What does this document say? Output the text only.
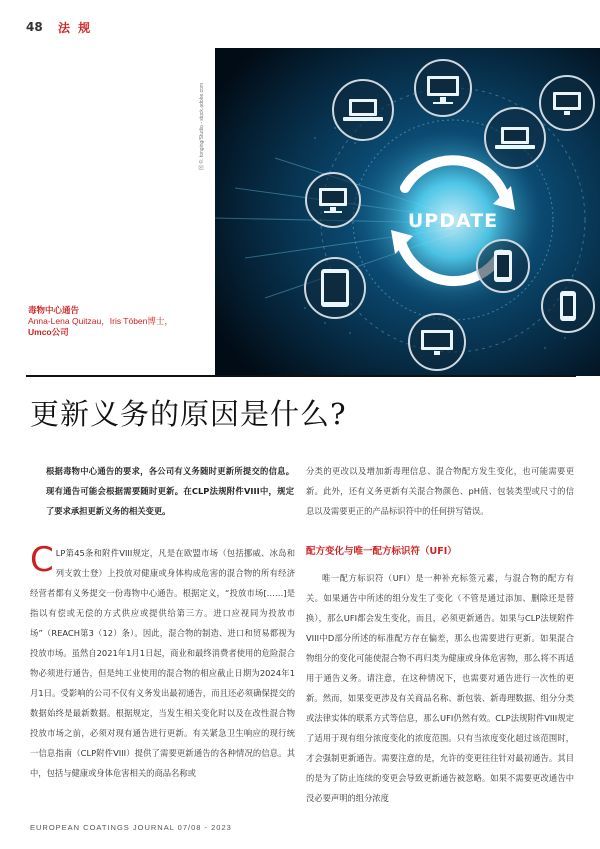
48 法 规
图 ©: tonging/Studio - stock.adobe.com
UPDATE
毒物中心通告
Anna-Lena Quitzau，Iris Töben博士，
Umco公司
更新义务的原因是什么?

根据毒物中心通告的要求，各公司有义务随时更新所提交的信息。现有通告可能会根据需要随时更新。在CLP法规附件VIII中，规定了要求承担更新义务的相关变更。

C LP第45条和附件VIII规定，凡是在欧盟市场（包括挪威、冰岛和列支敦士登）上投放对健康或身体构成危害的混合物的所有经济经营者都有义务提交一份毒物中心通告。根据定义，“投放市场[……]是指以有偿或无偿的方式供应或提供给第三方。进口应视同为投放市场”（REACH第3（12）条）。因此，混合物的制造、进口和贸易都视为投放市场。虽然自2021年1月1日起，商业和最终消费者使用的危险混合物必须进行通告，但是纯工业使用的混合物的相应截止日期为2024年1月1日。受影响的公司不仅有义务发出最初通告，而且还必须确保提交的数据始终是最新数据。根据规定，当发生相关变化时以及在改性混合物投放市场之前，必须对现有通告进行更新。有关紧急卫生响应的现行统一信息指南（CLP附件VIII）提供了需要更新通告的各种情况的信息。其中，包括与健康或身体危害相关的商品名称或

分类的更改以及增加新毒理信息、混合物配方发生变化，也可能需要更新。此外，还有义务更新有关混合物颜色、pH值、包装类型或尺寸的信息以及需要更正的产品标识符中的任何拼写错误。

配方变化与唯一配方标识符（UFI）

唯一配方标识符（UFI）是一种补充标签元素，与混合物的配方有关。如果通告中所述的组分发生了变化（不管是通过添加、删除还是替换），那么UFI都会发生变化，而且，必须更新通告。如果与CLP法规附件VIII中D部分所述的标准配方存在偏差，那么也需要进行更新。如果混合物组分的变化可能使混合物不再归类为健康或身体危害物，那么将不再适用于通告义务。请注意，在这种情况下，也需要对通告进行一次性的更新。然而，如果变更涉及有关商品名称、新包装、新毒理数据、组分分类或法律实体的联系方式等信息，那么UFI仍然有效。CLP法规附件VIII规定了适用于现有组分浓度变化的浓度范围。只有当浓度变化超过该范围时，才会强制更新通告。需要注意的是，允许的变更往往针对最初通告。其目的是为了防止连续的变更会导致更新通告被忽略。如果不需要更改通告中没必要声明的组分浓度

EUROPEAN COATINGS JOURNAL 07/08 - 2023
